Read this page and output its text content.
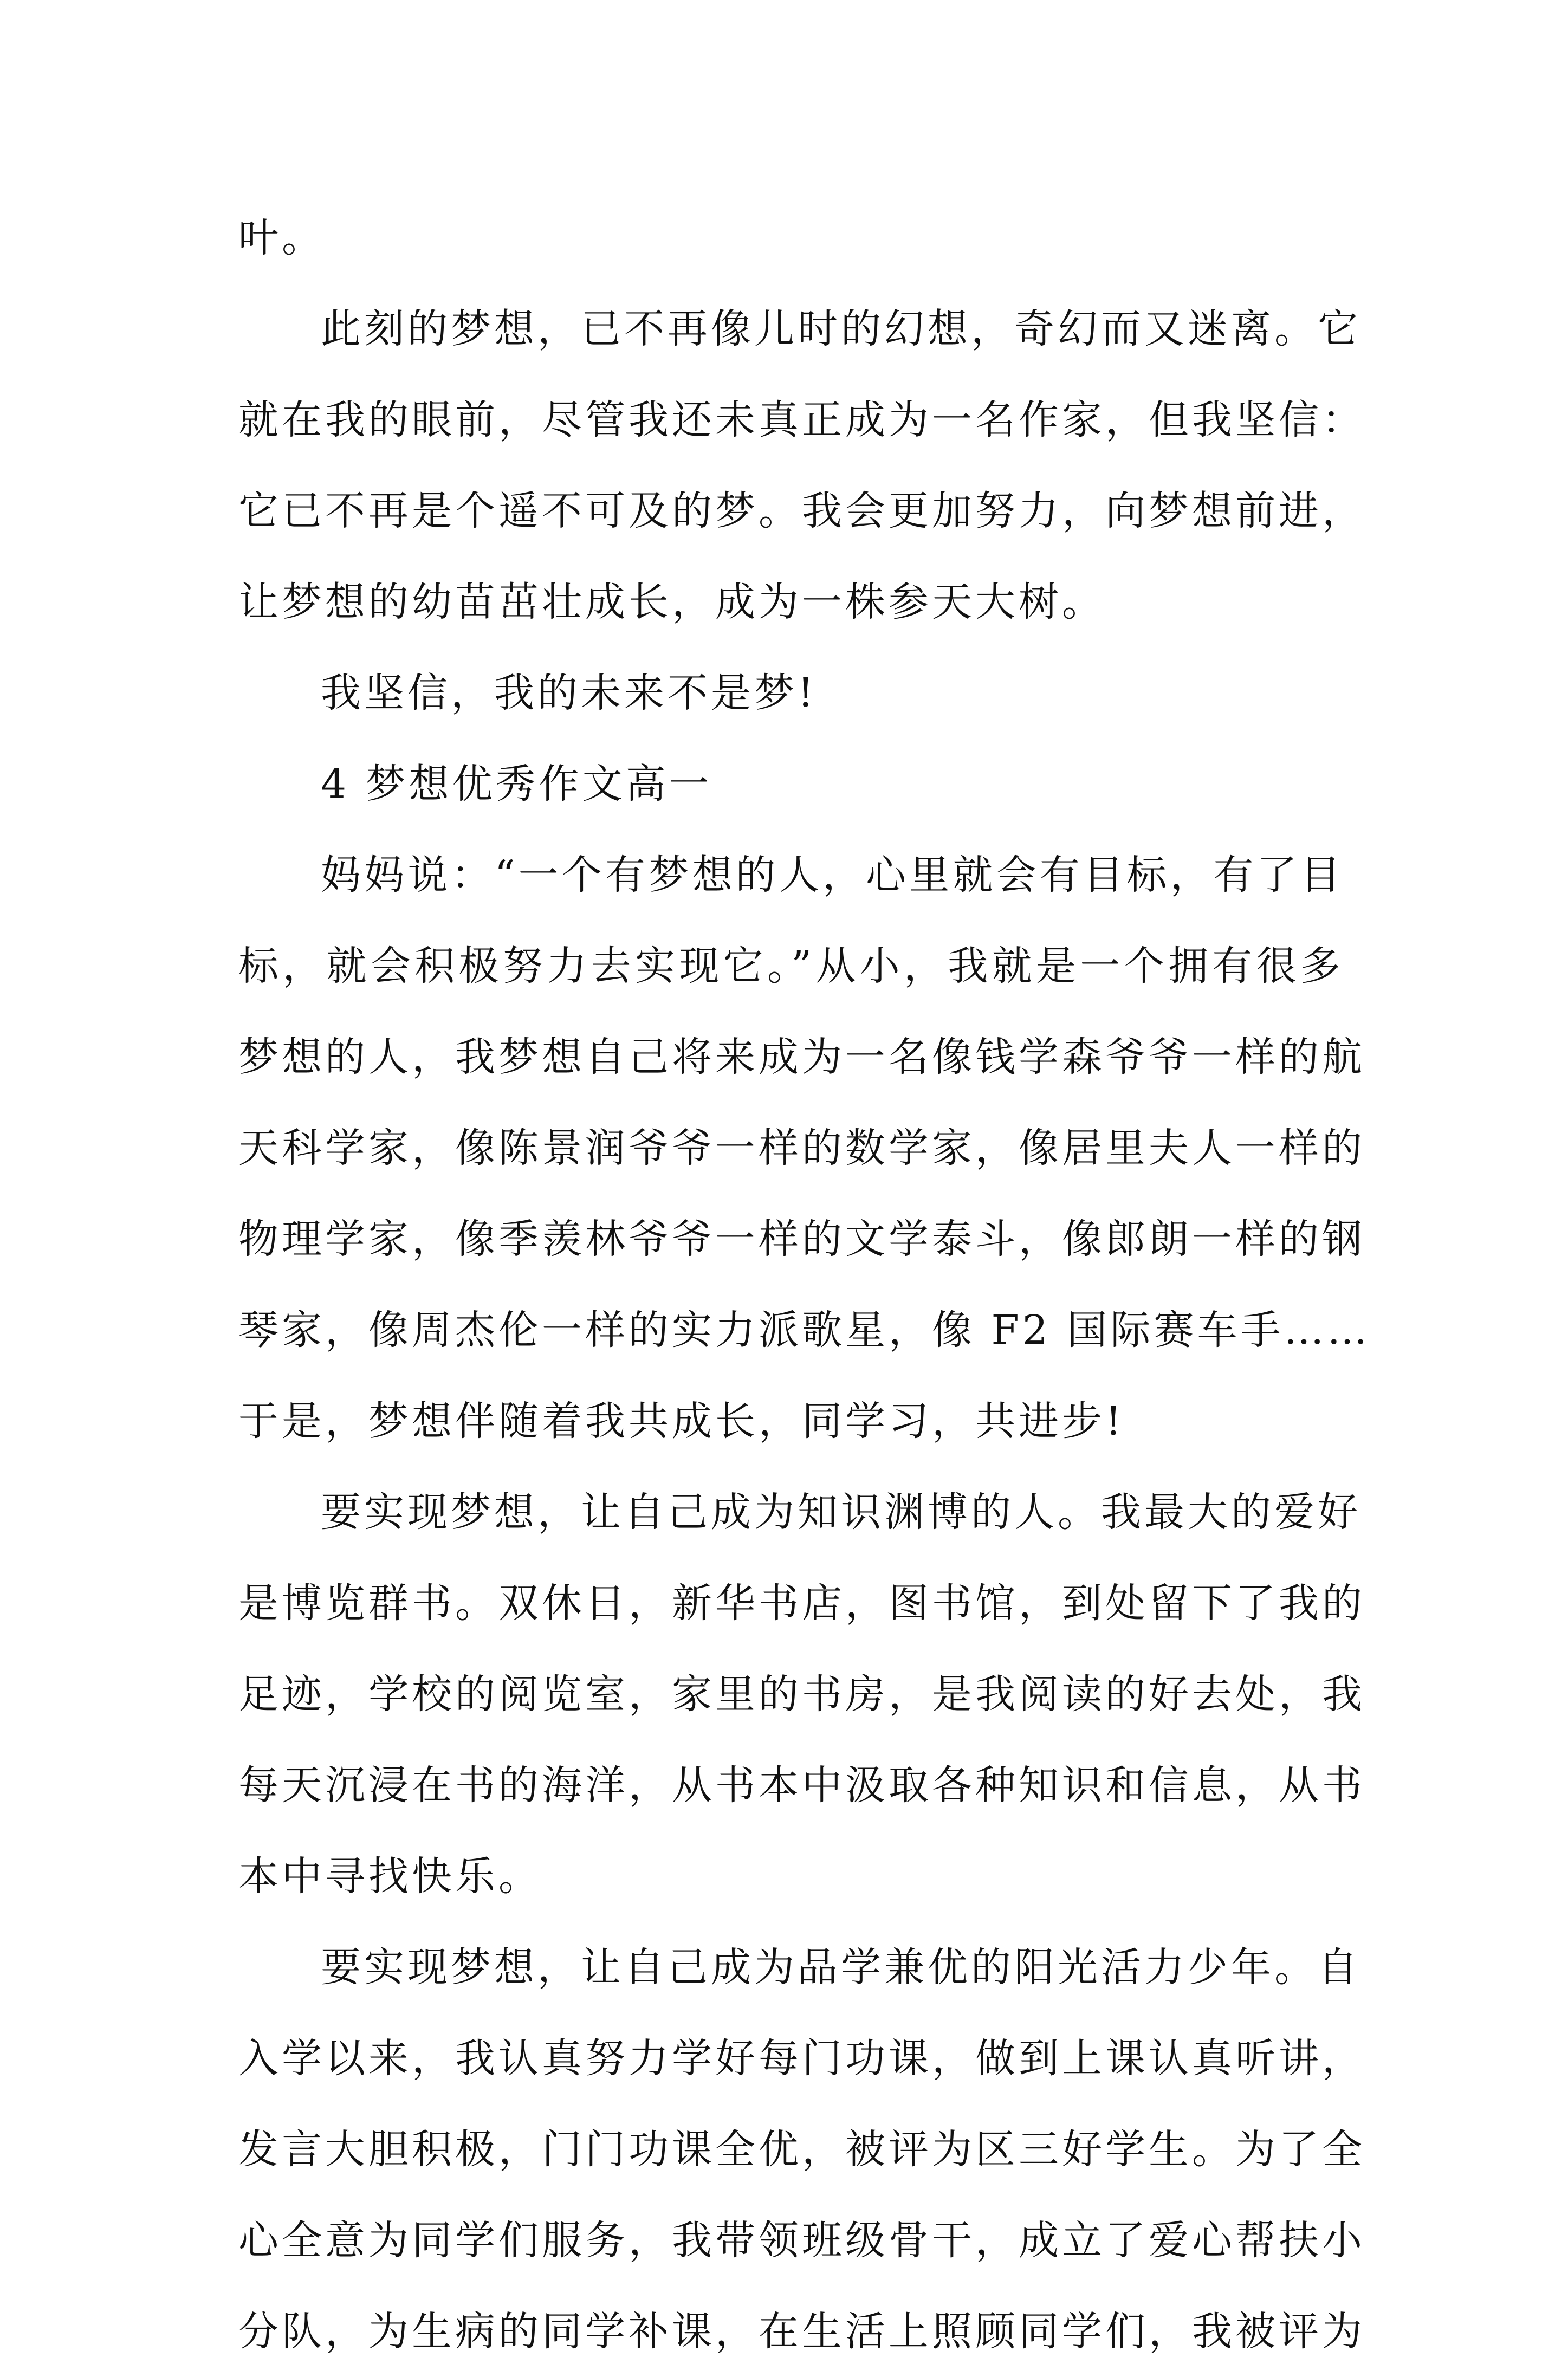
叶。
此刻的梦想，已不再像儿时的幻想，奇幻而又迷离。它
就在我的眼前，尽管我还未真正成为一名作家，但我坚信：
它已不再是个遥不可及的梦。我会更加努力，向梦想前进，
让梦想的幼苗茁壮成长，成为一株参天大树。
我坚信，我的未来不是梦!
4 梦想优秀作文高一
妈妈说：“一个有梦想的人，心里就会有目标，有了目
标，就会积极努力去实现它。”从小，我就是一个拥有很多
梦想的人，我梦想自己将来成为一名像钱学森爷爷一样的航
天科学家，像陈景润爷爷一样的数学家，像居里夫人一样的
物理学家，像季羡林爷爷一样的文学泰斗，像郎朗一样的钢
琴家，像周杰伦一样的实力派歌星，像 F2 国际赛车手……
于是，梦想伴随着我共成长，同学习，共进步!
要实现梦想，让自己成为知识渊博的人。我最大的爱好
是博览群书。双休日，新华书店，图书馆，到处留下了我的
足迹，学校的阅览室，家里的书房，是我阅读的好去处，我
每天沉浸在书的海洋，从书本中汲取各种知识和信息，从书
本中寻找快乐。
要实现梦想，让自己成为品学兼优的阳光活力少年。自
入学以来，我认真努力学好每门功课，做到上课认真听讲，
发言大胆积极，门门功课全优，被评为区三好学生。为了全
心全意为同学们服务，我带领班级骨干，成立了爱心帮扶小
分队，为生病的同学补课，在生活上照顾同学们，我被评为
